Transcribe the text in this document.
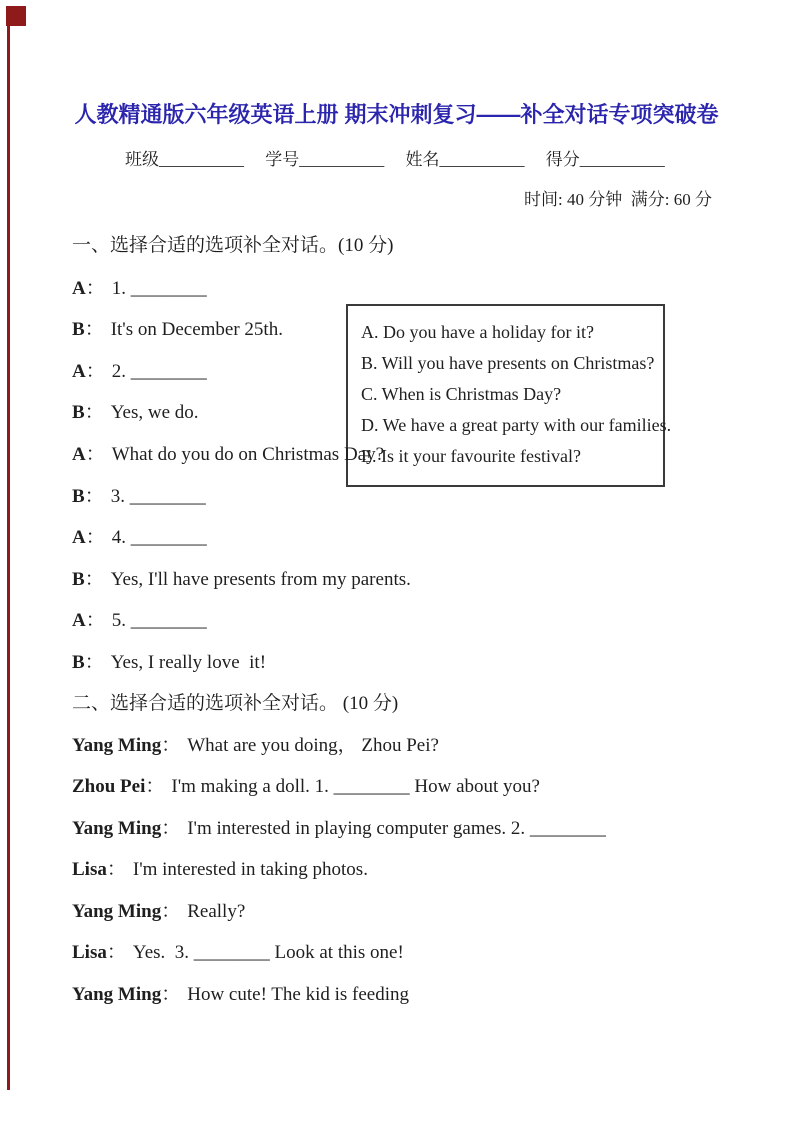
人教精通版六年级英语上册 期末冲刺复习——补全对话专项突破卷
班级__________ 学号__________ 姓名__________ 得分__________
时间: 40 分钟  满分: 60 分
一、选择合适的选项补全对话。(10 分)

A. Do you have a holiday for it?

B. Will you have presents on Christmas?

C. When is Christmas Day?

D. We have a great party with our families.

E. Is it your favourite festival?

A： 1. ________

B： It's on December 25th.

A： 2. ________

B： Yes, we do.

A： What do you do on Christmas Day?

B： 3. ________

A： 4. ________

B： Yes, I'll have presents from my parents.

A： 5. ________

B： Yes, I really love  it!

二、选择合适的选项补全对话。 (10 分)

Yang Ming： What are you doing， Zhou Pei?

Zhou Pei： I'm making a doll. 1. ________ How about you?

Yang Ming： I'm interested in playing computer games. 2. ________

Lisa： I'm interested in taking photos.

Yang Ming： Really?

Lisa： Yes.  3. ________ Look at this one!

Yang Ming： How cute! The kid is feeding
